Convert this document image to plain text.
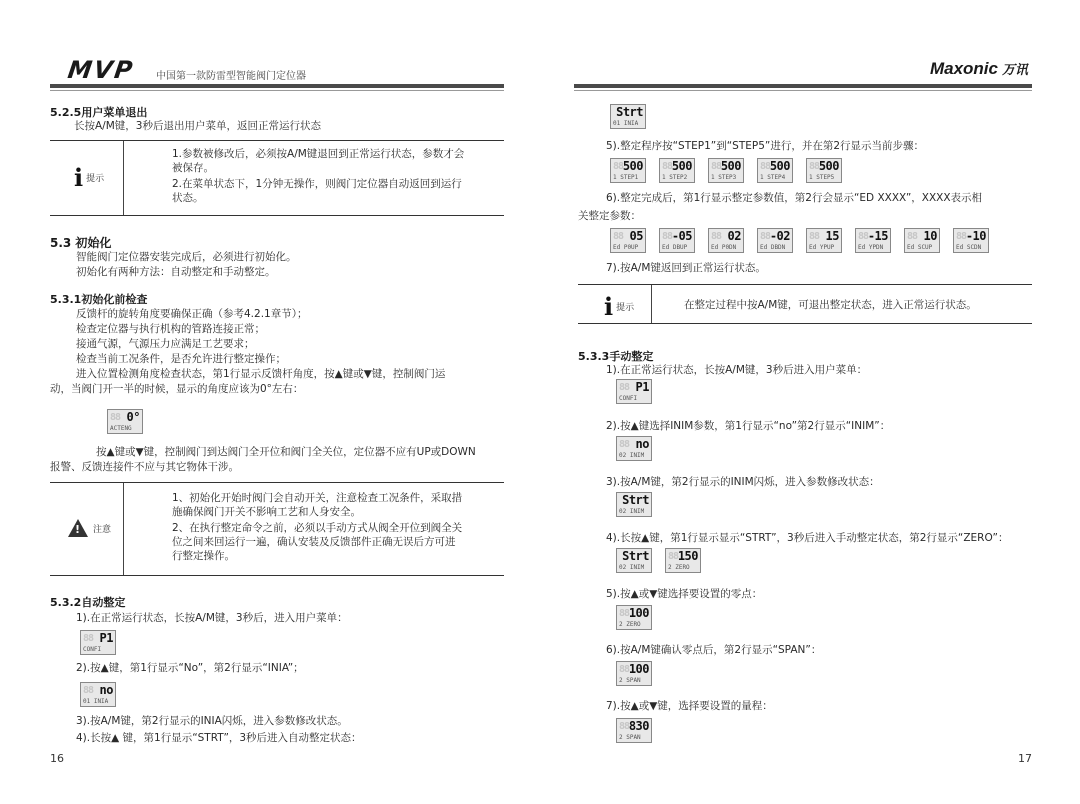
MVP 中国第一款防雷型智能阀门定位器	Maxonic 万讯
5.2.5用户菜单退出
长按A/M键，3秒后退出用户菜单，返回正常运行状态
i 提示
1.参数被修改后，必须按A/M键退回到正常运行状态，参数才会
被保存。
2.在菜单状态下，1分钟无操作，则阀门定位器自动返回到运行
状态。
5.3 初始化
智能阀门定位器安装完成后，必须进行初始化。
初始化有两种方法：自动整定和手动整定。
5.3.1初始化前检查
反馈杆的旋转角度要确保正确（参考4.2.1章节）；
检查定位器与执行机构的管路连接正常；
接通气源，气源压力应满足工艺要求；
检查当前工况条件，是否允许进行整定操作；
进入位置检测角度检查状态，第1行显示反馈杆角度，按▲键或▼键，控制阀门运
动，当阀门开一半的时候，显示的角度应该为0°左右：
88 0°
ACTENG
按▲键或▼键，控制阀门到达阀门全开位和阀门全关位，定位器不应有UP或DOWN
报警、反馈连接件不应与其它物体干涉。
!
注意
1、初始化开始时阀门会自动开关，注意检查工况条件，采取措
施确保阀门开关不影响工艺和人身安全。
2、在执行整定命令之前，必须以手动方式从阀全开位到阀全关
位之间来回运行一遍，确认安装及反馈部件正确无误后方可进
行整定操作。
5.3.2自动整定
1).在正常运行状态，长按A/M键，3秒后，进入用户菜单：
88 P1
CONFI
2).按▲键，第1行显示“No”，第2行显示“INIA”；
88 no
01 INIA
3).按A/M键，第2行显示的INIA闪烁，进入参数修改状态。
4).长按▲ 键，第1行显示“STRT”，3秒后进入自动整定状态：
16
Strt
01 INIA
5).整定程序按“STEP1”到“STEP5”进行，并在第2行显示当前步骤：
88 500
1 STEP1
88 500
1 STEP2
88 500
1 STEP3
88 500
1 STEP4
88 500
1 STEP5
6).整定完成后，第1行显示整定参数值，第2行会显示“ED XXXX”，XXXX表示相
关整定参数：
88 05
Ed P0UP
88 -05
Ed DBUP
88 02
Ed P0DN
88 -02
Ed DBDN
88 15
Ed YPUP
88 -15
Ed YPDN
88 10
Ed SCUP
88 -10
Ed SCDN
7).按A/M键返回到正常运行状态。
i 提示	在整定过程中按A/M键，可退出整定状态，进入正常运行状态。
5.3.3手动整定
1).在正常运行状态，长按A/M键，3秒后进入用户菜单：
88 P1
CONFI
2).按▲键选择INIM参数，第1行显示“no”第2行显示“INIM”：
88 no
02 INIM
3).按A/M键，第2行显示的INIM闪烁，进入参数修改状态：
Strt
02 INIM
4).长按▲键，第1行显示显示“STRT”，3秒后进入手动整定状态，第2行显示“ZERO”：
Strt
02 INIM
88 150
2 ZERO
5).按▲或▼键选择要设置的零点：
88 100
2 ZERO
6).按A/M键确认零点后，第2行显示“SPAN”：
88 100
2 SPAN
7).按▲或▼键，选择要设置的量程：
88 830
2 SPAN
17
